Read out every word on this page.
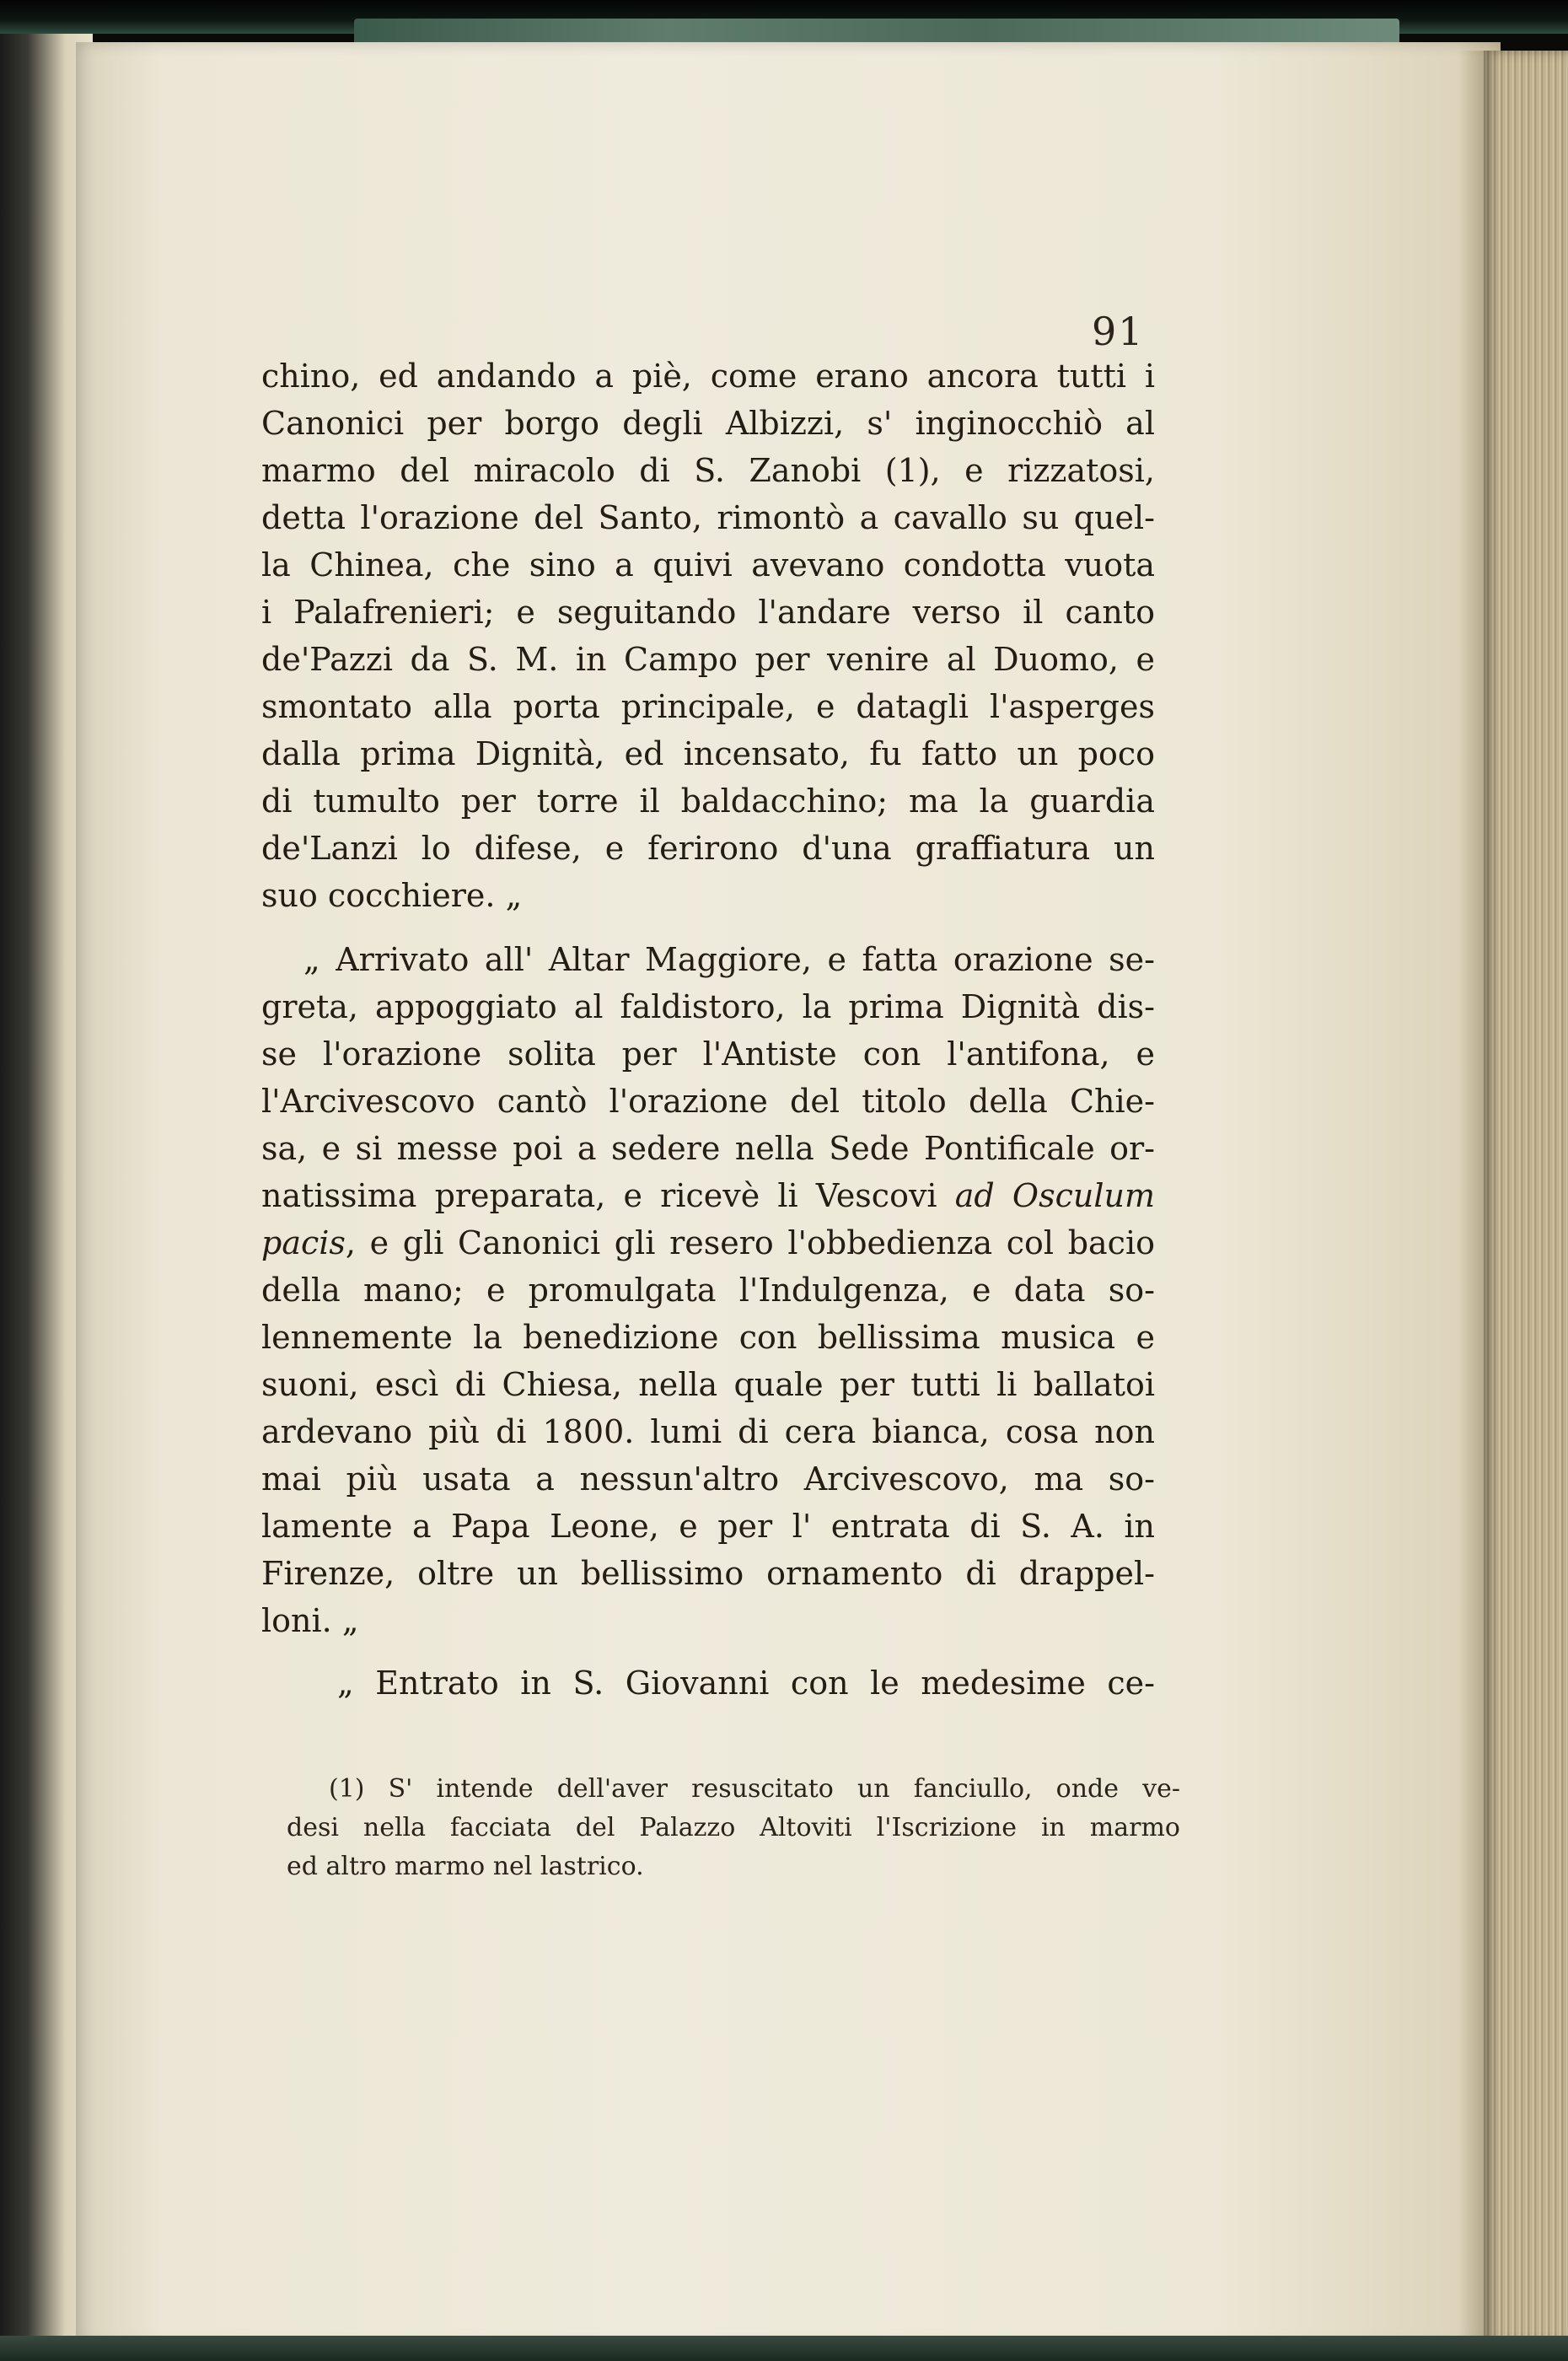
91
chino, ed andando a piè, come erano ancora tutti i
Canonici per borgo degli Albizzi, s' inginocchiò al
marmo del miracolo di S. Zanobi (1), e rizzatosi,
detta l'orazione del Santo, rimontò a cavallo su quel-
la Chinea, che sino a quivi avevano condotta vuota
i Palafrenieri; e seguitando l'andare verso il canto
de'Pazzi da S. M. in Campo per venire al Duomo, e
smontato alla porta principale, e datagli l'asperges
dalla prima Dignità, ed incensato, fu fatto un poco
di tumulto per torre il baldacchino; ma la guardia
de'Lanzi lo difese, e ferirono d'una graffiatura un
suo cocchiere. „
„ Arrivato all' Altar Maggiore, e fatta orazione se-
greta, appoggiato al faldistoro, la prima Dignità dis-
se l'orazione solita per l'Antiste con l'antifona, e
l'Arcivescovo cantò l'orazione del titolo della Chie-
sa, e si messe poi a sedere nella Sede Pontificale or-
natissima preparata, e ricevè li Vescovi ad Osculum
pacis, e gli Canonici gli resero l'obbedienza col bacio
della mano; e promulgata l'Indulgenza, e data so-
lennemente la benedizione con bellissima musica e
suoni, escì di Chiesa, nella quale per tutti li ballatoi
ardevano più di 1800. lumi di cera bianca, cosa non
mai più usata a nessun'altro Arcivescovo, ma so-
lamente a Papa Leone, e per l' entrata di S. A. in
Firenze, oltre un bellissimo ornamento di drappel-
loni. „
„ Entrato in S. Giovanni con le medesime ce-
(1) S' intende dell'aver resuscitato un fanciullo, onde ve-
desi nella facciata del Palazzo Altoviti l'Iscrizione in marmo
ed altro marmo nel lastrico.
